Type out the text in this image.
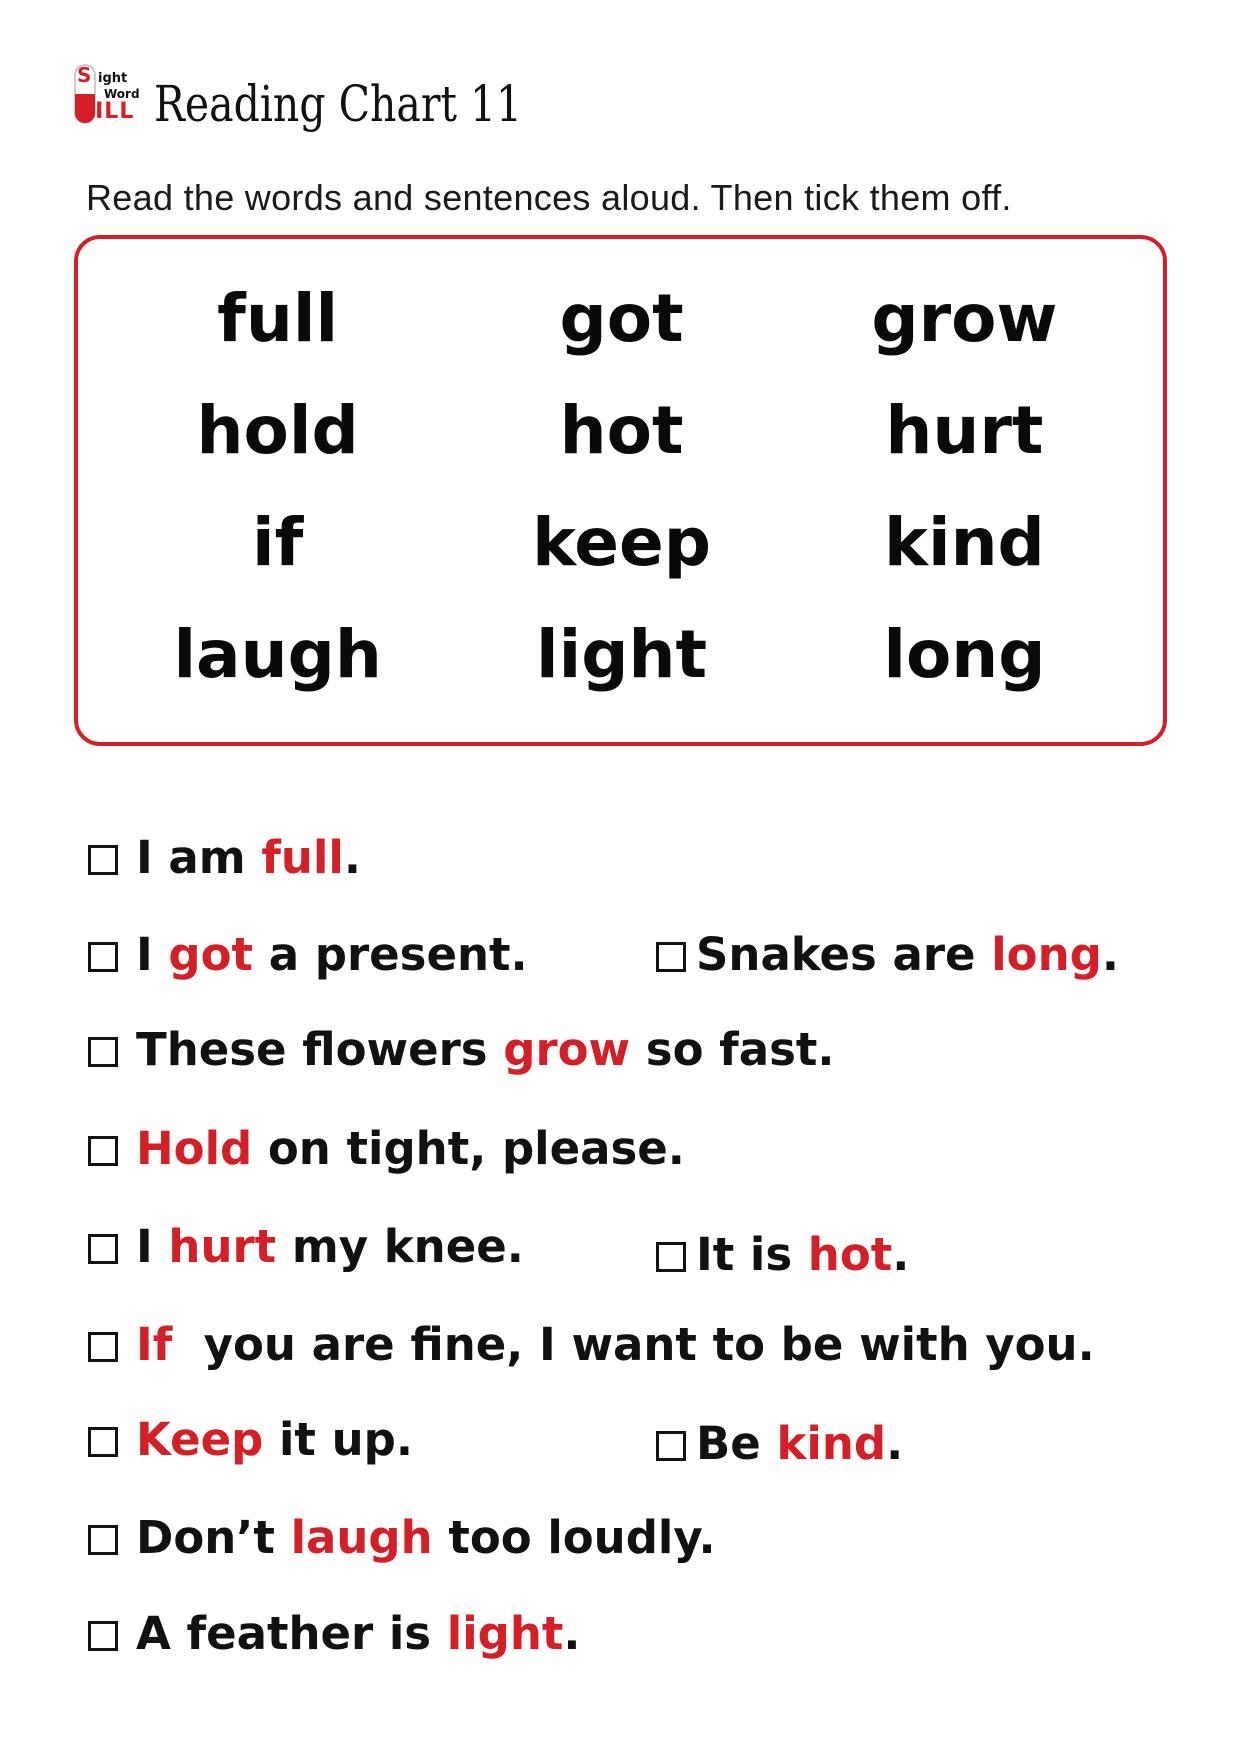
S ight
Word
PILL Reading Chart 11
Read the words and sentences aloud. Then tick them off.
full	got	grow
hold	hot	hurt
if	keep	kind
laugh	light	long
I am full.
I got a present.	Snakes are long.
These flowers grow so fast.
Hold on tight, please.
I hurt my knee.	It is hot.
If  you are fine, I want to be with you.
Keep it up.	Be kind.
Don’t laugh too loudly.
A feather is light.
